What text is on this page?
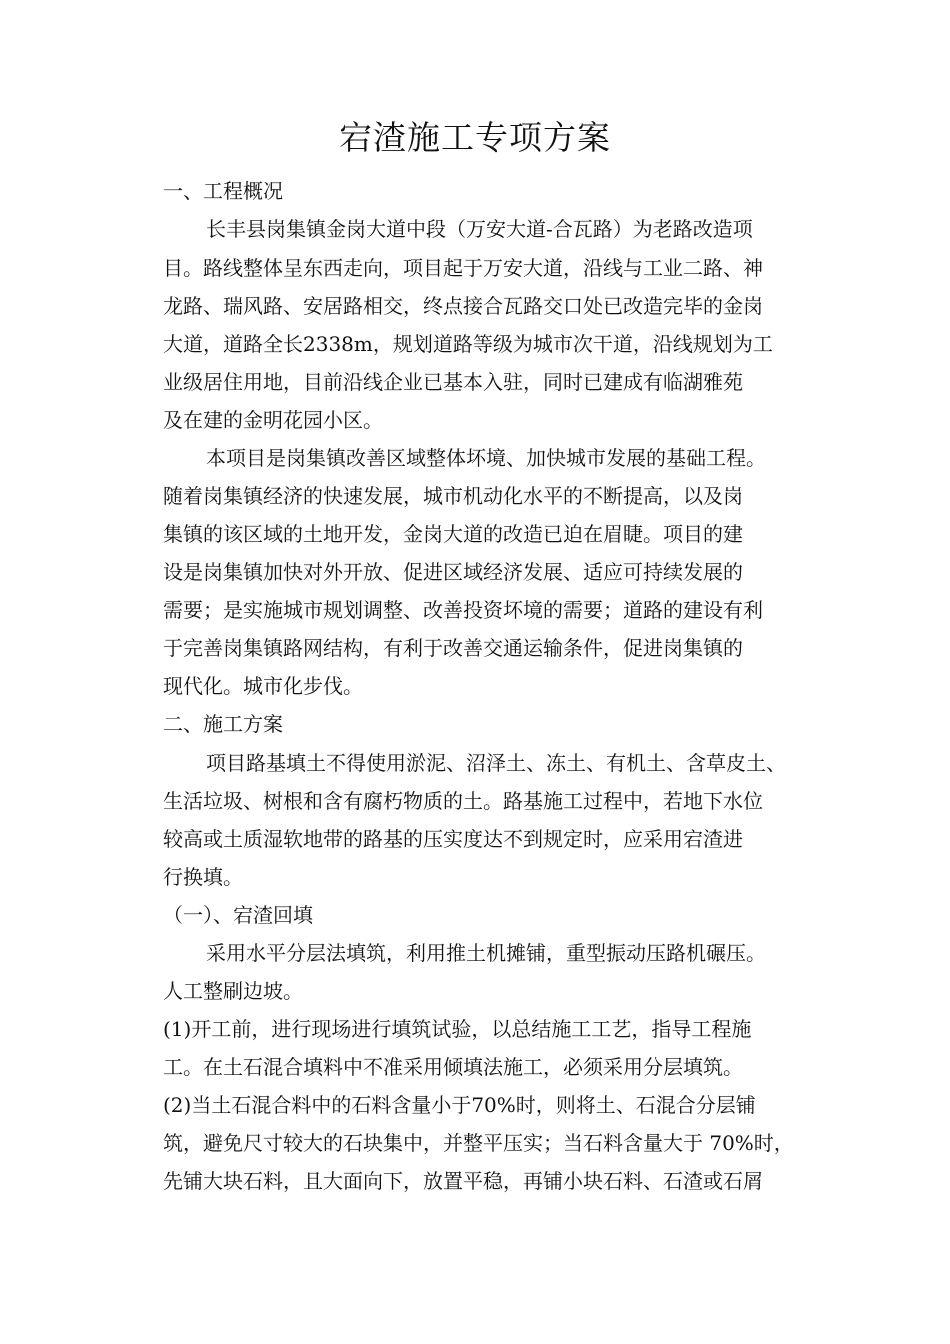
宕渣施工专项方案

一、工程概况

长丰县岗集镇金岗大道中段（万安大道-合瓦路）为老路改造项

目。路线整体呈东西走向，项目起于万安大道，沿线与工业二路、神

龙路、瑞风路、安居路相交，终点接合瓦路交口处已改造完毕的金岗

大道，道路全长2338m，规划道路等级为城市次干道，沿线规划为工

业级居住用地，目前沿线企业已基本入驻，同时已建成有临湖雅苑

及在建的金明花园小区。

本项目是岗集镇改善区域整体坏境、加快城市发展的基础工程。

随着岗集镇经济的快速发展，城市机动化水平的不断提高，以及岗

集镇的该区域的土地开发，金岗大道的改造已迫在眉睫。项目的建

设是岗集镇加快对外开放、促进区域经济发展、适应可持续发展的

需要；是实施城市规划调整、改善投资坏境的需要；道路的建设有利

于完善岗集镇路网结构，有利于改善交通运输条件，促进岗集镇的

现代化。城市化步伐。

二、施工方案

项目路基填土不得使用淤泥、沼泽土、冻土、有机土、含草皮土、

生活垃圾、树根和含有腐朽物质的土。路基施工过程中，若地下水位

较高或土质湿软地带的路基的压实度达不到规定时，应采用宕渣进

行换填。

（一）、宕渣回填

采用水平分层法填筑，利用推土机摊铺，重型振动压路机碾压。

人工整刷边坡。

(1)开工前，进行现场进行填筑试验，以总结施工工艺，指导工程施

工。在土石混合填料中不准采用倾填法施工，必须采用分层填筑。

(2)当土石混合料中的石料含量小于70%时，则将土、石混合分层铺

筑，避免尺寸较大的石块集中，并整平压实；当石料含量大于 70%时，

先铺大块石料，且大面向下，放置平稳，再铺小块石料、石渣或石屑
